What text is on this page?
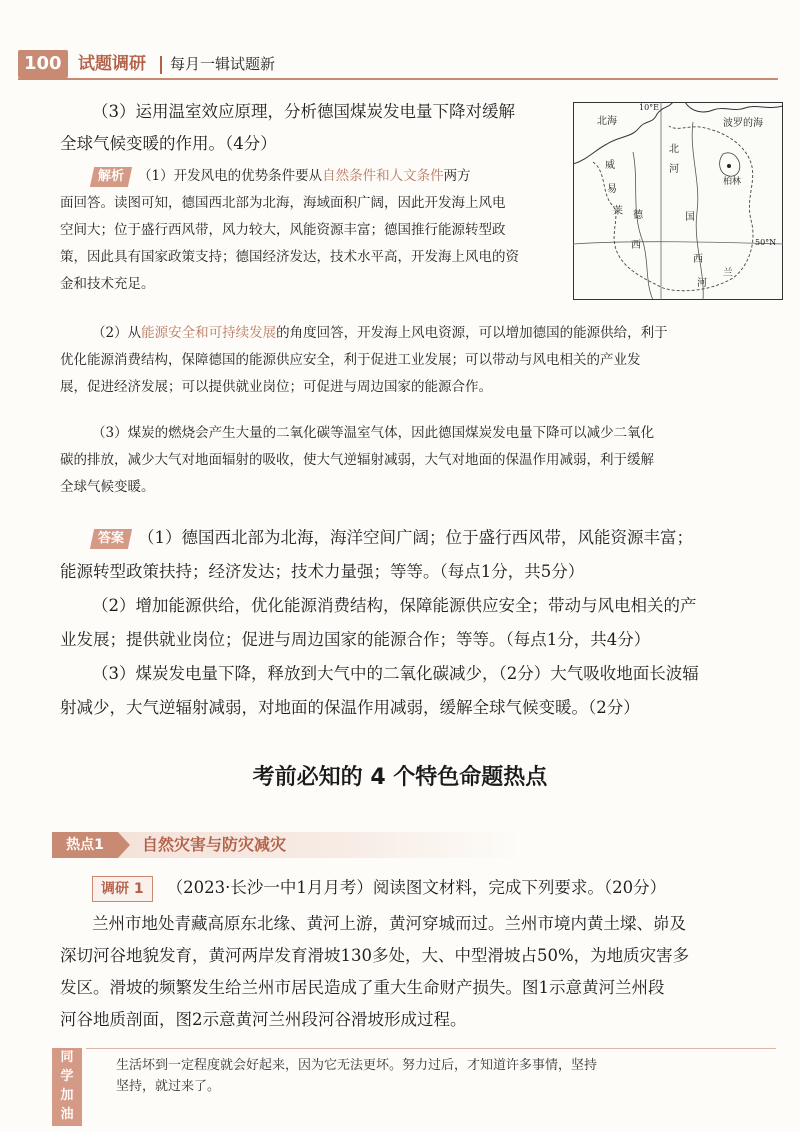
100 试题调研	每月一辑试题新
（3）运用温室效应原理，分析德国煤炭发电量下降对缓解
全球气候变暖的作用。（4分）
10°E
50°N
北海	波罗的海
柏林
威
易
莱 德
北
河
国
西
西
兰
河
解析 （1）开发风电的优势条件要从自然条件和人文条件两方
面回答。读图可知，德国西北部为北海，海域面积广阔，因此开发海上风电
空间大；位于盛行西风带，风力较大，风能资源丰富；德国推行能源转型政
策，因此具有国家政策支持；德国经济发达，技术水平高，开发海上风电的资
金和技术充足。
（2）从能源安全和可持续发展的角度回答，开发海上风电资源，可以增加德国的能源供给，利于
优化能源消费结构，保障德国的能源供应安全，利于促进工业发展；可以带动与风电相关的产业发
展，促进经济发展；可以提供就业岗位；可促进与周边国家的能源合作。
（3）煤炭的燃烧会产生大量的二氧化碳等温室气体，因此德国煤炭发电量下降可以减少二氧化
碳的排放，减少大气对地面辐射的吸收，使大气逆辐射减弱，大气对地面的保温作用减弱，利于缓解
全球气候变暖。
答案 （1）德国西北部为北海，海洋空间广阔；位于盛行西风带，风能资源丰富；
能源转型政策扶持；经济发达；技术力量强；等等。（每点1分，共5分）
（2）增加能源供给，优化能源消费结构，保障能源供应安全；带动与风电相关的产
业发展；提供就业岗位；促进与周边国家的能源合作；等等。（每点1分，共4分）
（3）煤炭发电量下降，释放到大气中的二氧化碳减少，（2分）大气吸收地面长波辐
射减少，大气逆辐射减弱，对地面的保温作用减弱，缓解全球气候变暖。（2分）
考前必知的 4 个特色命题热点
热点1	自然灾害与防灾减灾
调研 1 （2023·长沙一中1月月考）阅读图文材料，完成下列要求。（20分）
兰州市地处青藏高原东北缘、黄河上游，黄河穿城而过。兰州市境内黄土墚、峁及
深切河谷地貌发育，黄河两岸发育滑坡130多处，大、中型滑坡占50%，为地质灾害多
发区。滑坡的频繁发生给兰州市居民造成了重大生命财产损失。图1示意黄河兰州段
河谷地质剖面，图2示意黄河兰州段河谷滑坡形成过程。
同
学
加
油
生活坏到一定程度就会好起来，因为它无法更坏。努力过后，才知道许多事情，坚持
坚持，就过来了。
